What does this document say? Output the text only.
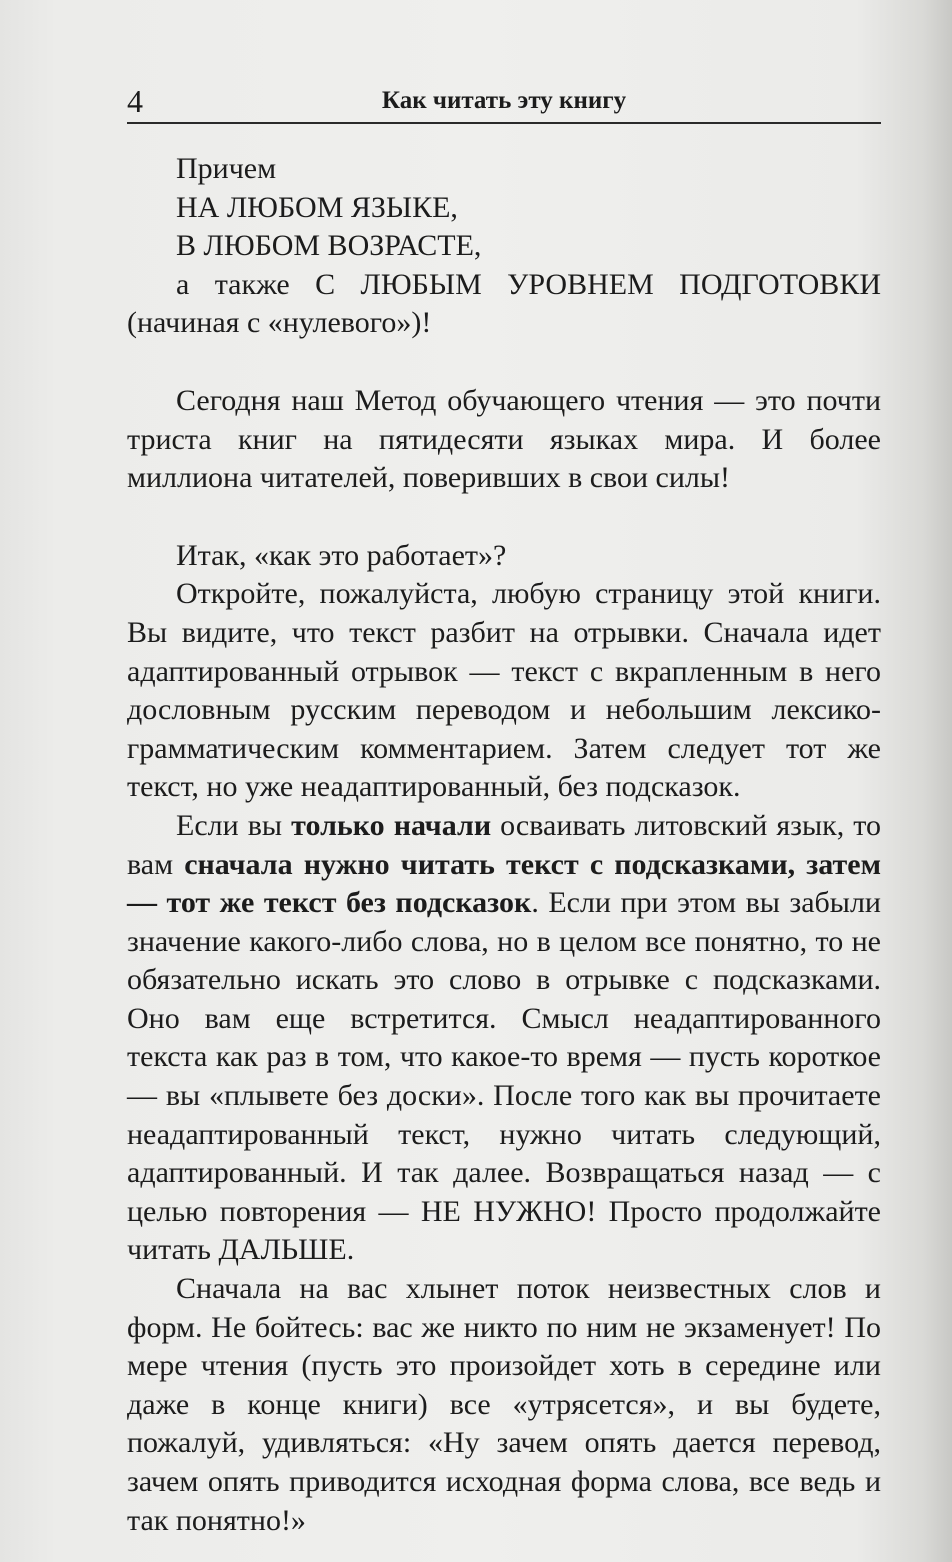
4	Как читать эту книгу

Причем

НА ЛЮБОМ ЯЗЫКЕ,

В ЛЮБОМ ВОЗРАСТЕ,

а также С ЛЮБЫМ УРОВНЕМ ПОДГОТОВКИ (начиная с «нулевого»)!

Сегодня наш Метод обучающего чтения — это почти триста книг на пятидесяти языках мира. И более миллиона читателей, поверивших в свои силы!

Итак, «как это работает»?

Откройте, пожалуйста, любую страницу этой книги. Вы видите, что текст разбит на отрывки. Сначала идет адаптированный отрывок — текст с вкрапленным в него дословным русским переводом и небольшим лексико-грамматическим комментарием. Затем следует тот же текст, но уже неадаптированный, без подсказок.

Если вы только начали осваивать литовский язык, то вам сначала нужно читать текст с подсказками, затем — тот же текст без подсказок. Если при этом вы забыли значение какого-либо слова, но в целом все понятно, то не обязательно искать это слово в отрывке с подсказками. Оно вам еще встретится. Смысл неадаптированного текста как раз в том, что какое-то время — пусть короткое — вы «плывете без доски». После того как вы прочитаете неадаптированный текст, нужно читать следующий, адаптированный. И так далее. Возвращаться назад — с целью повторения — НЕ НУЖНО! Просто продолжайте читать ДАЛЬШЕ.

Сначала на вас хлынет поток неизвестных слов и форм. Не бойтесь: вас же никто по ним не экзаменует! По мере чтения (пусть это произойдет хоть в середине или даже в конце книги) все «утрясется», и вы будете, пожалуй, удивляться: «Ну зачем опять дается перевод, зачем опять приводится исходная форма слова, все ведь и так понятно!»
